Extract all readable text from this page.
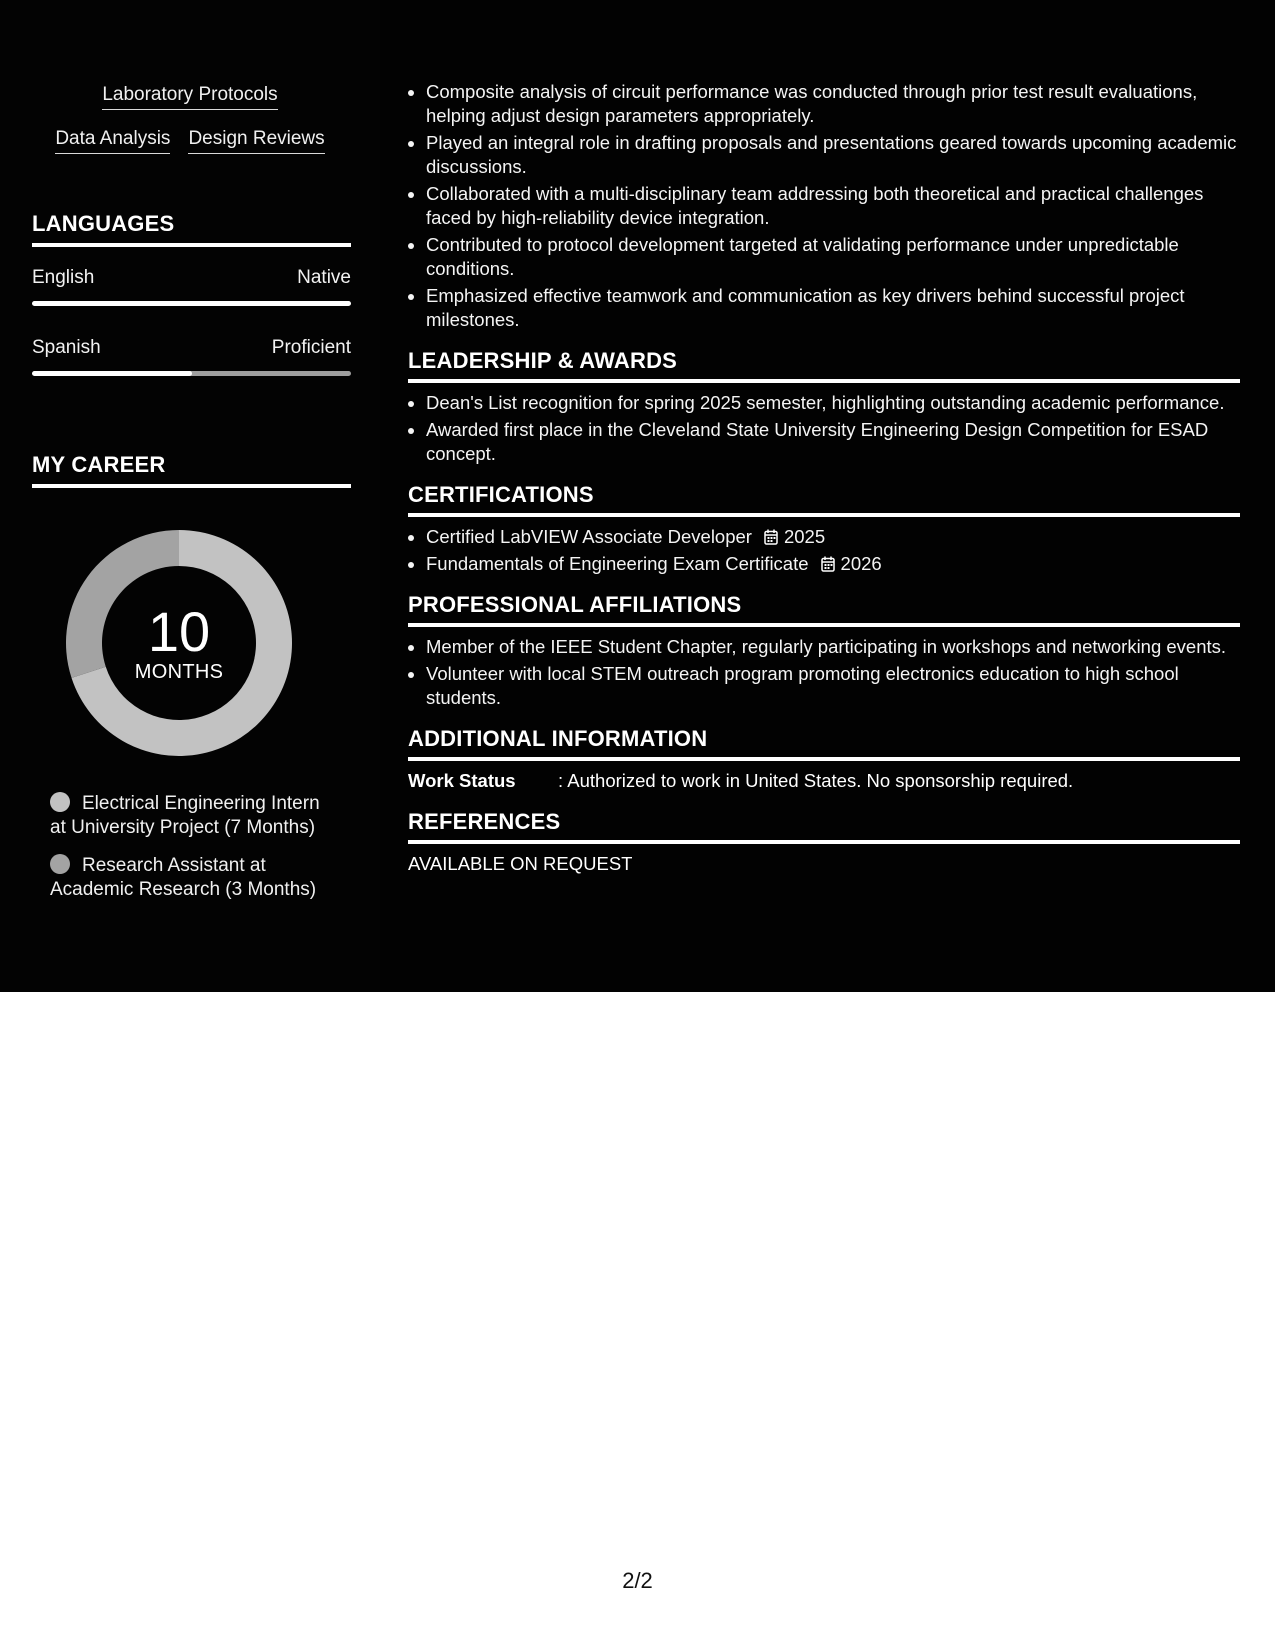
Laboratory Protocols
Data Analysis Design Reviews
LANGUAGES
English	Native
Spanish	Proficient
MY CAREER
10
MONTHS
Electrical Engineering Intern at University Project (7 Months)
Research Assistant at Academic Research (3 Months)
• Composite analysis of circuit performance was conducted through prior test result evaluations, helping adjust design parameters appropriately.
• Played an integral role in drafting proposals and presentations geared towards upcoming academic discussions.
• Collaborated with a multi-disciplinary team addressing both theoretical and practical challenges faced by high-reliability device integration.
• Contributed to protocol development targeted at validating performance under unpredictable conditions.
• Emphasized effective teamwork and communication as key drivers behind successful project milestones.
LEADERSHIP & AWARDS
• Dean's List recognition for spring 2025 semester, highlighting outstanding academic performance.
• Awarded first place in the Cleveland State University Engineering Design Competition for ESAD concept.
CERTIFICATIONS
• Certified LabVIEW Associate Developer 2025
• Fundamentals of Engineering Exam Certificate 2026
PROFESSIONAL AFFILIATIONS
• Member of the IEEE Student Chapter, regularly participating in workshops and networking events.
• Volunteer with local STEM outreach program promoting electronics education to high school students.
ADDITIONAL INFORMATION
Work Status	: Authorized to work in United States. No sponsorship required.
REFERENCES
AVAILABLE ON REQUEST
2/2
